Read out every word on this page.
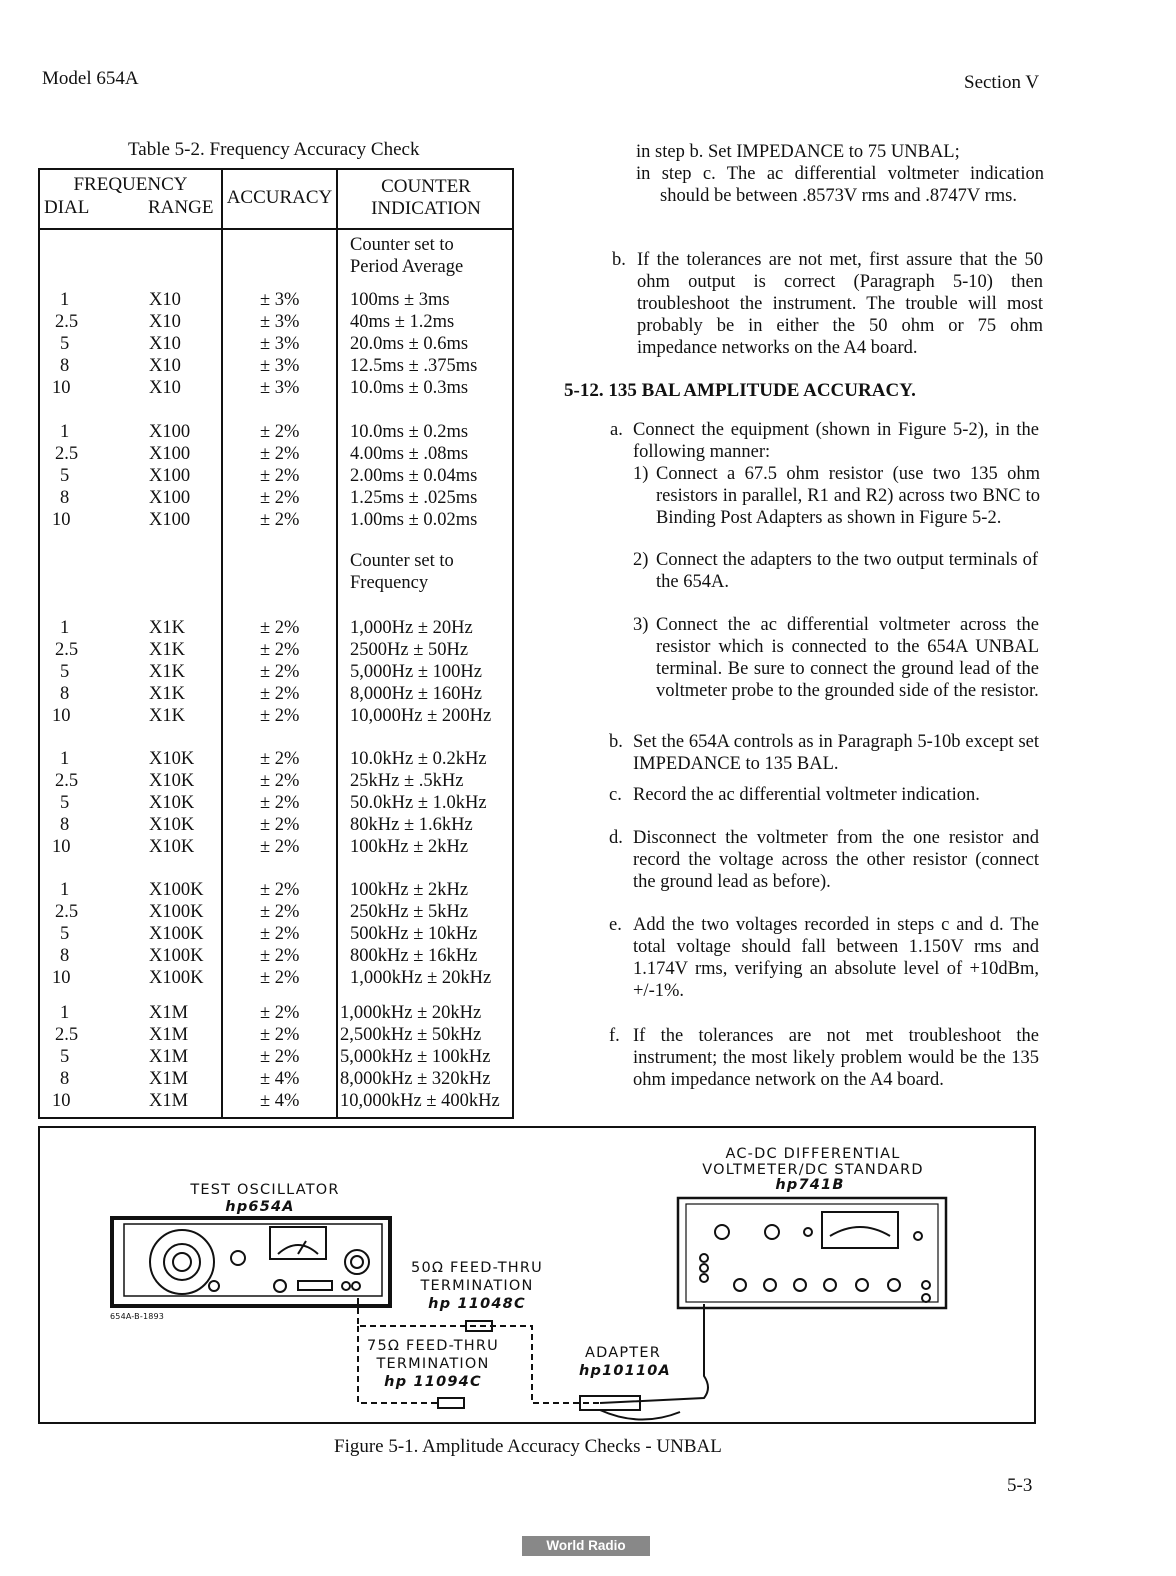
Model 654A	Section V
Table 5-2. Frequency Accuracy Check
FREQUENCY
DIAL	RANGE ACCURACY
COUNTER
INDICATION
Counter set to
Period Average
Counter set to
Frequency
1	X10	± 3%	100ms ± 3ms
2.5	X10	± 3%	40ms ± 1.2ms
5	X10	± 3%	20.0ms ± 0.6ms
8	X10	± 3%	12.5ms ± .375ms
10	X10	± 3%	10.0ms ± 0.3ms
1	X100	± 2%	10.0ms ± 0.2ms
2.5	X100	± 2%	4.00ms ± .08ms
5	X100	± 2%	2.00ms ± 0.04ms
8	X100	± 2%	1.25ms ± .025ms
10	X100	± 2%	1.00ms ± 0.02ms
1	X1K	± 2%	1,000Hz ± 20Hz
2.5	X1K	± 2%	2500Hz ± 50Hz
5	X1K	± 2%	5,000Hz ± 100Hz
8	X1K	± 2%	8,000Hz ± 160Hz
10	X1K	± 2%	10,000Hz ± 200Hz
1	X10K	± 2%	10.0kHz ± 0.2kHz
2.5	X10K	± 2%	25kHz ± .5kHz
5	X10K	± 2%	50.0kHz ± 1.0kHz
8	X10K	± 2%	80kHz ± 1.6kHz
10	X10K	± 2%	100kHz ± 2kHz
1	X100K	± 2%	100kHz ± 2kHz
2.5	X100K	± 2%	250kHz ± 5kHz
5	X100K	± 2%	500kHz ± 10kHz
8	X100K	± 2%	800kHz ± 16kHz
10	X100K	± 2%	1,000kHz ± 20kHz
1	X1M	± 2% 1,000kHz ± 20kHz
2.5	X1M	± 2% 2,500kHz ± 50kHz
5	X1M	± 2% 5,000kHz ± 100kHz
8	X1M	± 4% 8,000kHz ± 320kHz
10	X1M	± 4% 10,000kHz ± 400kHz
in step b. Set IMPEDANCE to 75 UNBAL;
in step c. The ac differential voltmeter indication should be between .8573V rms and .8747V rms.
b. If the tolerances are not met, first assure that the 50 ohm output is correct (Paragraph 5-10) then troubleshoot the instrument. The trouble will most probably be in either the 50 ohm or 75 ohm impedance networks on the A4 board.
5-12. 135 BAL AMPLITUDE ACCURACY.
a. Connect the equipment (shown in Figure 5-2), in the following manner:
1) Connect a 67.5 ohm resistor (use two 135 ohm resistors in parallel, R1 and R2) across two BNC to Binding Post Adapters as shown in Figure 5-2.
2) Connect the adapters to the two output terminals of the 654A.
3) Connect the ac differential voltmeter across the resistor which is connected to the 654A UNBAL terminal. Be sure to connect the ground lead of the voltmeter probe to the grounded side of the resistor.
b. Set the 654A controls as in Paragraph 5-10b except set IMPEDANCE to 135 BAL.
c. Record the ac differential voltmeter indication.
d. Disconnect the voltmeter from the one resistor and record the voltage across the other resistor (connect the ground lead as before).
e. Add the two voltages recorded in steps c and d. The total voltage should fall between 1.150V rms and 1.174V rms, verifying an absolute level of +10dBm, +/-1%.
f. If the tolerances are not met troubleshoot the instrument; the most likely problem would be the 135 ohm impedance network on the A4 board.
TEST OSCILLATOR
hp654A
654A-B-1893
AC-DC DIFFERENTIAL
VOLTMETER/DC STANDARD
hp741B
50Ω FEED-THRU
TERMINATION
hp 11048C
75Ω FEED-THRU
TERMINATION
hp 11094C
ADAPTER
hp10110A
Figure 5-1. Amplitude Accuracy Checks - UNBAL
5-3
World Radio History
